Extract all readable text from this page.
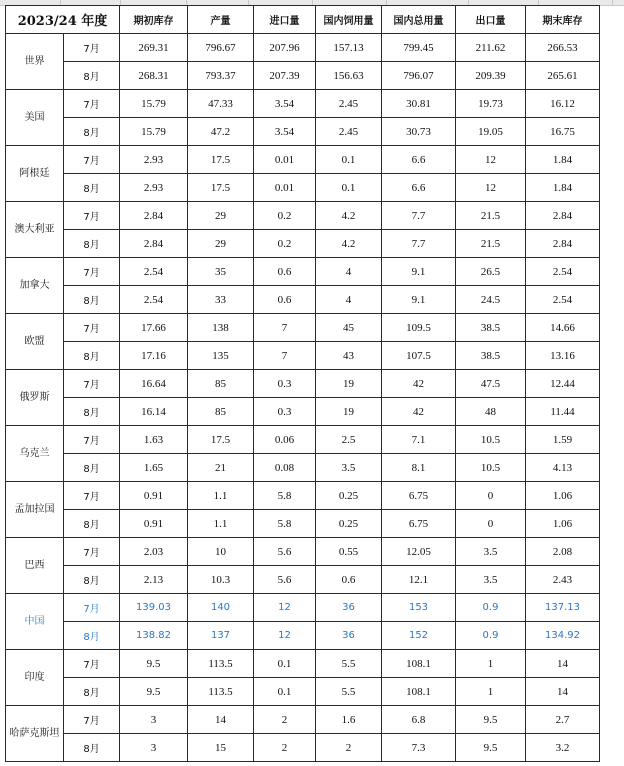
2023/24 年度		期初库存	产量	进口量	国内饲用量	国内总用量	出口量	期末库存
世界	7月	269.31	796.67	207.96	157.13	799.45	211.62	266.53
	8月	268.31	793.37	207.39	156.63	796.07	209.39	265.61
美国	7月	15.79	47.33	3.54	2.45	30.81	19.73	16.12
	8月	15.79	47.2	3.54	2.45	30.73	19.05	16.75
阿根廷	7月	2.93	17.5	0.01	0.1	6.6	12	1.84
	8月	2.93	17.5	0.01	0.1	6.6	12	1.84
澳大利亚	7月	2.84	29	0.2	4.2	7.7	21.5	2.84
	8月	2.84	29	0.2	4.2	7.7	21.5	2.84
加拿大	7月	2.54	35	0.6	4	9.1	26.5	2.54
	8月	2.54	33	0.6	4	9.1	24.5	2.54
欧盟	7月	17.66	138	7	45	109.5	38.5	14.66
	8月	17.16	135	7	43	107.5	38.5	13.16
俄罗斯	7月	16.64	85	0.3	19	42	47.5	12.44
	8月	16.14	85	0.3	19	42	48	11.44
乌克兰	7月	1.63	17.5	0.06	2.5	7.1	10.5	1.59
	8月	1.65	21	0.08	3.5	8.1	10.5	4.13
孟加拉国	7月	0.91	1.1	5.8	0.25	6.75	0	1.06
	8月	0.91	1.1	5.8	0.25	6.75	0	1.06
巴西	7月	2.03	10	5.6	0.55	12.05	3.5	2.08
	8月	2.13	10.3	5.6	0.6	12.1	3.5	2.43
中国	7月	139.03	140	12	36	153	0.9	137.13
	8月	138.82	137	12	36	152	0.9	134.92
印度	7月	9.5	113.5	0.1	5.5	108.1	1	14
	8月	9.5	113.5	0.1	5.5	108.1	1	14
哈萨克斯坦	7月	3	14	2	1.6	6.8	9.5	2.7
	8月	3	15	2	2	7.3	9.5	3.2
